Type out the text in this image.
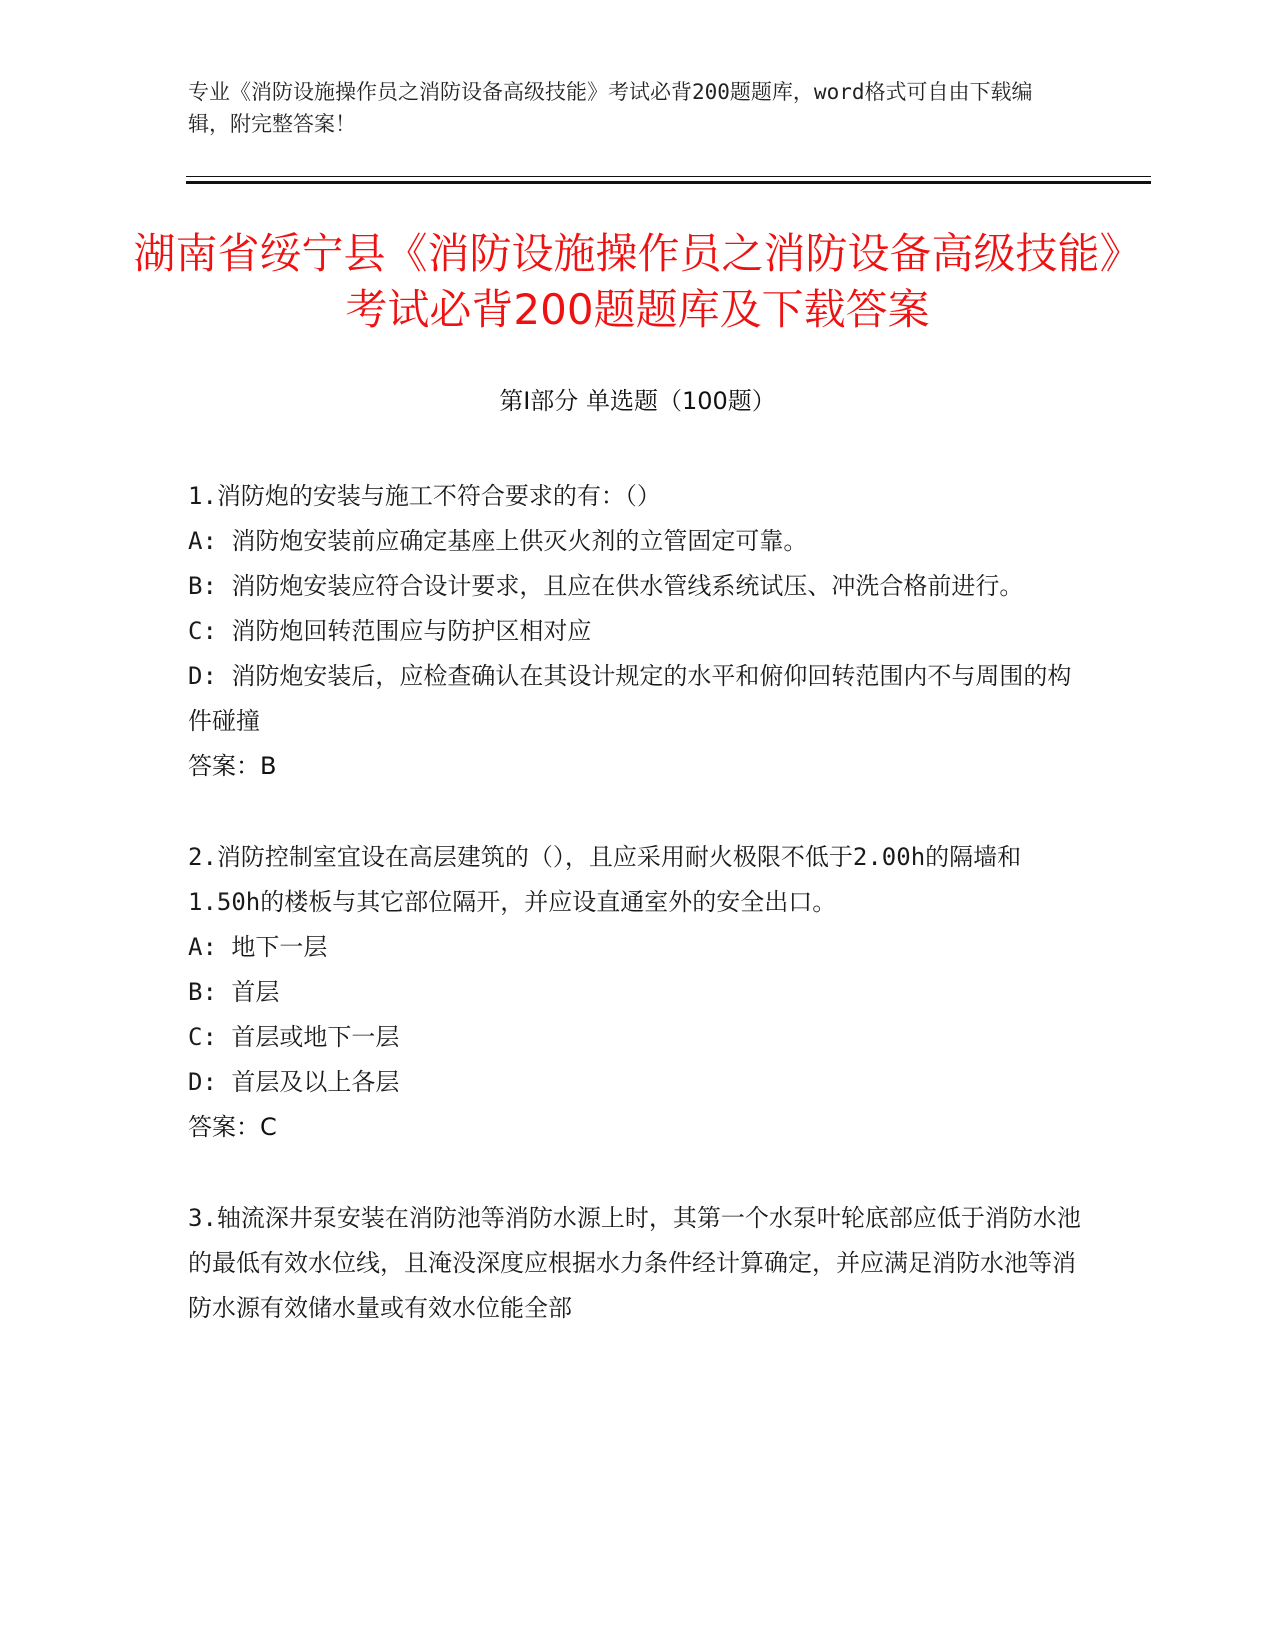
专业《消防设施操作员之消防设备高级技能》考试必背200题题库，word格式可自由下载编辑，附完整答案！
湖南省绥宁县《消防设施操作员之消防设备高级技能》考试必背200题题库及下载答案
第Ⅰ部分 单选题（100题）

1.消防炮的安装与施工不符合要求的有：（）

A: 消防炮安装前应确定基座上供灭火剂的立管固定可靠。

B: 消防炮安装应符合设计要求，且应在供水管线系统试压、冲洗合格前进行。

C: 消防炮回转范围应与防护区相对应

D: 消防炮安装后，应检查确认在其设计规定的水平和俯仰回转范围内不与周围的构件碰撞

答案：B

2.消防控制室宜设在高层建筑的（），且应采用耐火极限不低于2.00h的隔墙和1.50h的楼板与其它部位隔开，并应设直通室外的安全出口。

A: 地下一层

B: 首层

C: 首层或地下一层

D: 首层及以上各层

答案：C

3.轴流深井泵安装在消防池等消防水源上时，其第一个水泵叶轮底部应低于消防水池的最低有效水位线，且淹没深度应根据水力条件经计算确定，并应满足消防水池等消防水源有效储水量或有效水位能全部
